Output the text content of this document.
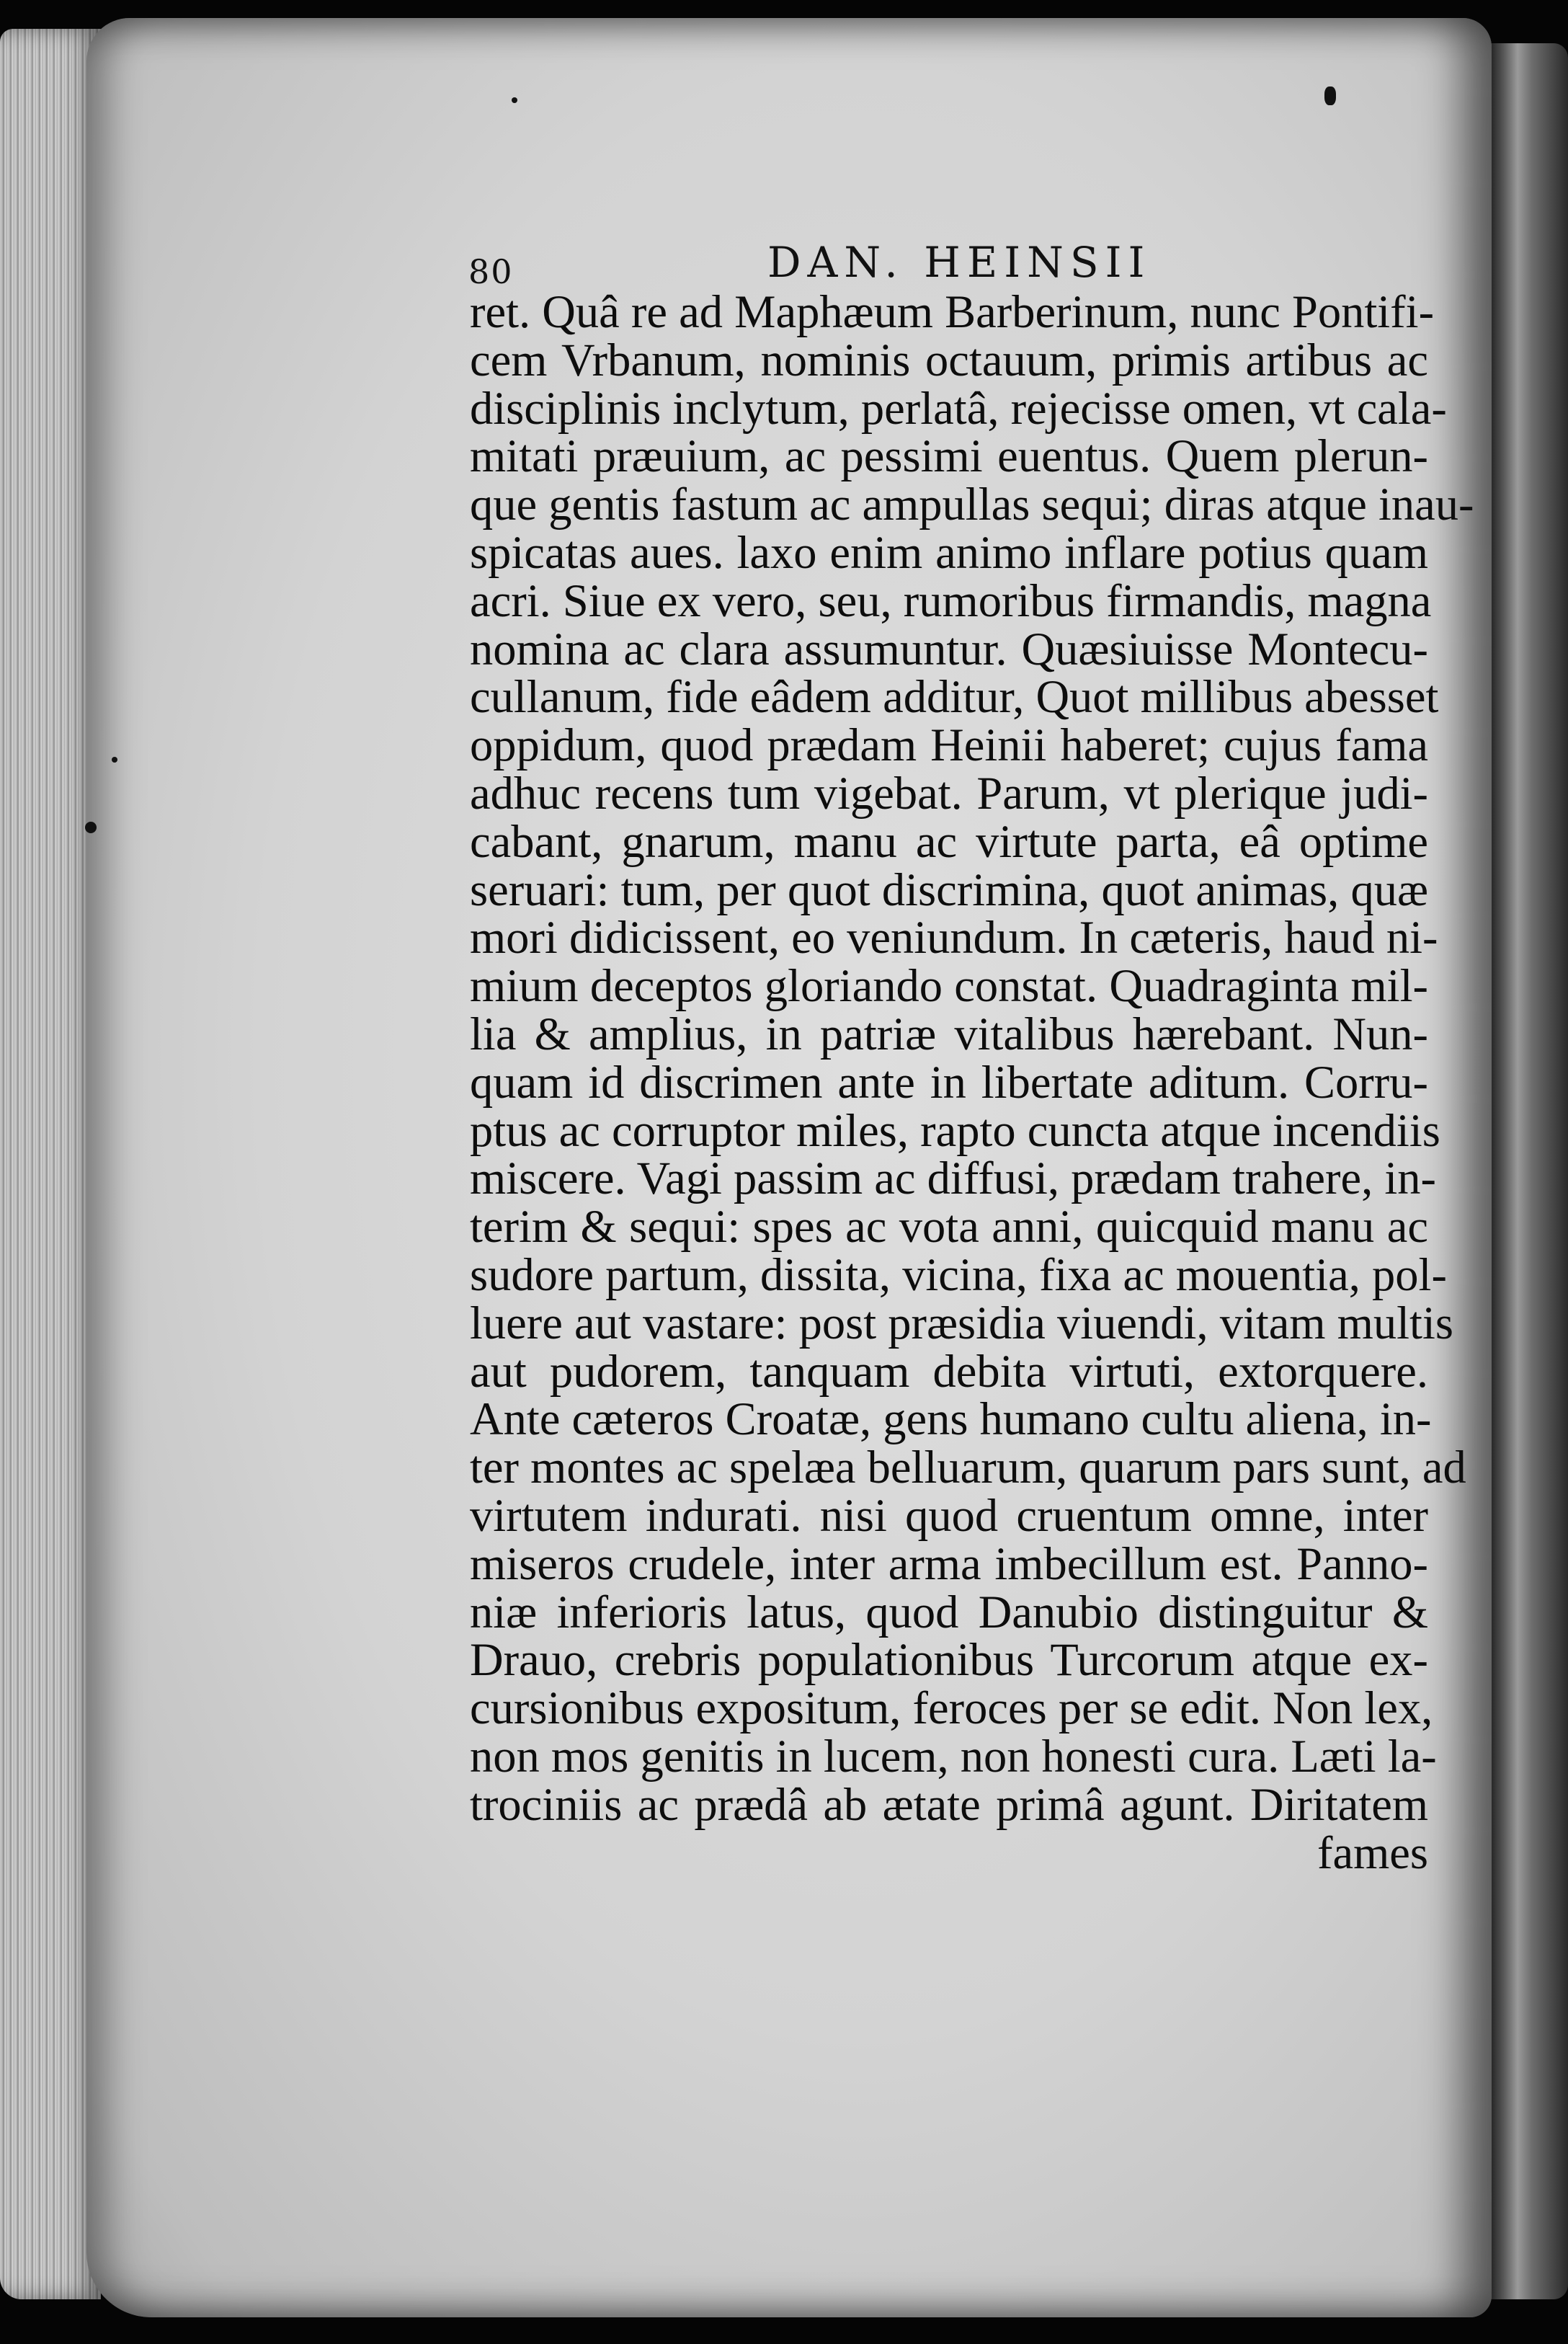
80	DAN. HEINSII
ret. Quâ re ad Maphæum Barberinum, nunc Pontifi-
cem Vrbanum, nominis octauum, primis artibus ac
disciplinis inclytum, perlatâ, rejecisse omen, vt cala-
mitati præuium, ac pessimi euentus. Quem plerun-
que gentis fastum ac ampullas sequi; diras atque inau-
spicatas aues. laxo enim animo inflare potius quam
acri. Siue ex vero, seu, rumoribus firmandis, magna
nomina ac clara assumuntur. Quæsiuisse Montecu-
cullanum, fide eâdem additur, Quot millibus abesset
oppidum, quod prædam Heinii haberet; cujus fama
adhuc recens tum vigebat. Parum, vt plerique judi-
cabant, gnarum, manu ac virtute parta, eâ optime
seruari: tum, per quot discrimina, quot animas, quæ
mori didicissent, eo veniundum. In cæteris, haud ni-
mium deceptos gloriando constat. Quadraginta mil-
lia & amplius, in patriæ vitalibus hærebant. Nun-
quam id discrimen ante in libertate aditum. Corru-
ptus ac corruptor miles, rapto cuncta atque incendiis
miscere. Vagi passim ac diffusi, prædam trahere, in-
terim & sequi: spes ac vota anni, quicquid manu ac
sudore partum, dissita, vicina, fixa ac mouentia, pol-
luere aut vastare: post præsidia viuendi, vitam multis
aut pudorem, tanquam debita virtuti, extorquere.
Ante cæteros Croatæ, gens humano cultu aliena, in-
ter montes ac spelæa belluarum, quarum pars sunt, ad
virtutem indurati. nisi quod cruentum omne, inter
miseros crudele, inter arma imbecillum est. Panno-
niæ inferioris latus, quod Danubio distinguitur &
Drauo, crebris populationibus Turcorum atque ex-
cursionibus expositum, feroces per se edit. Non lex,
non mos genitis in lucem, non honesti cura. Læti la-
trociniis ac prædâ ab ætate primâ agunt. Diritatem
fames
